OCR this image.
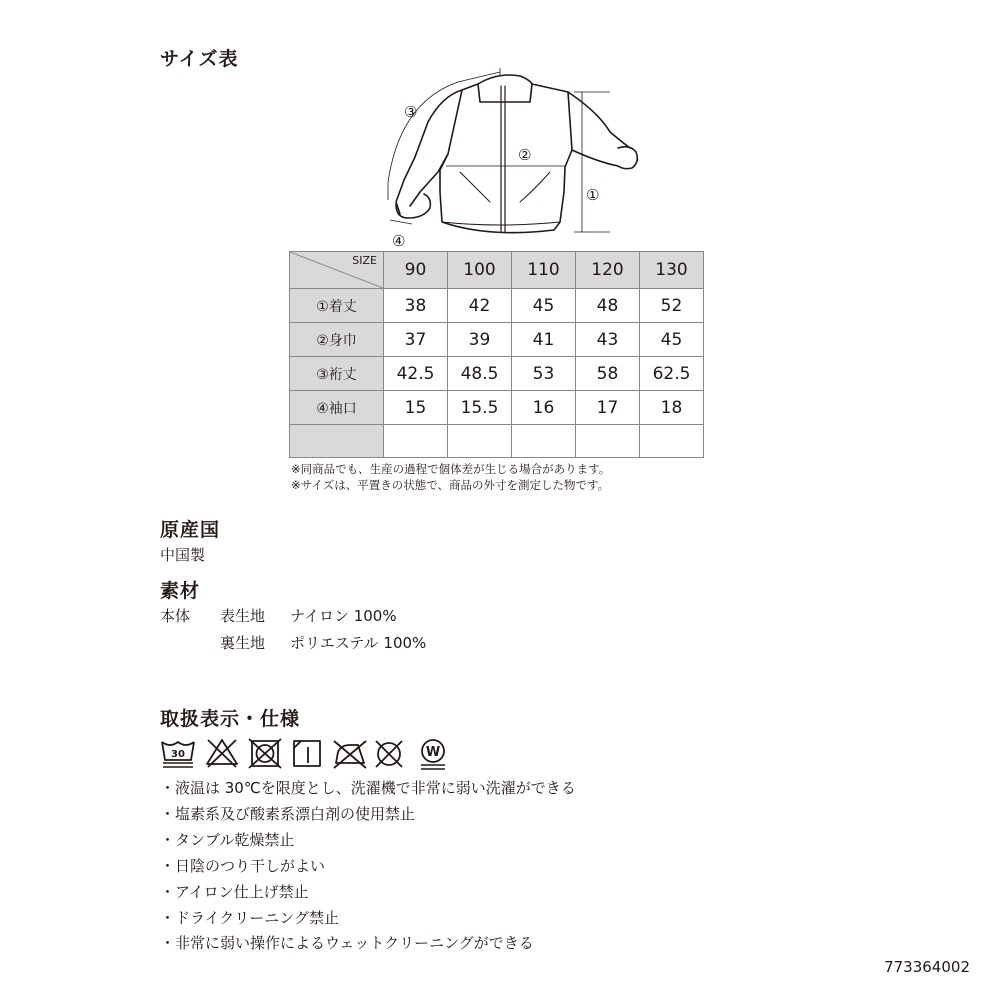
サイズ表
③
②
①
④
SIZE	90	100	110	120	130
①着丈	38	42	45	48	52
②身巾	37	39	41	43	45
③裄丈	42.5	48.5	53	58	62.5
④袖口	15	15.5	16	17	18

※同商品でも、生産の過程で個体差が生じる場合があります。
※サイズは、平置きの状態で、商品の外寸を測定した物です。
原産国
中国製
素材
本体 表生地 ナイロン 100%
裏生地 ポリエステル 100%
取扱表示・仕様
30	W
・液温は 30℃を限度とし、洗濯機で非常に弱い洗濯ができる
・塩素系及び酸素系漂白剤の使用禁止
・タンブル乾燥禁止
・日陰のつり干しがよい
・アイロン仕上げ禁止
・ドライクリーニング禁止
・非常に弱い操作によるウェットクリーニングができる
773364002
